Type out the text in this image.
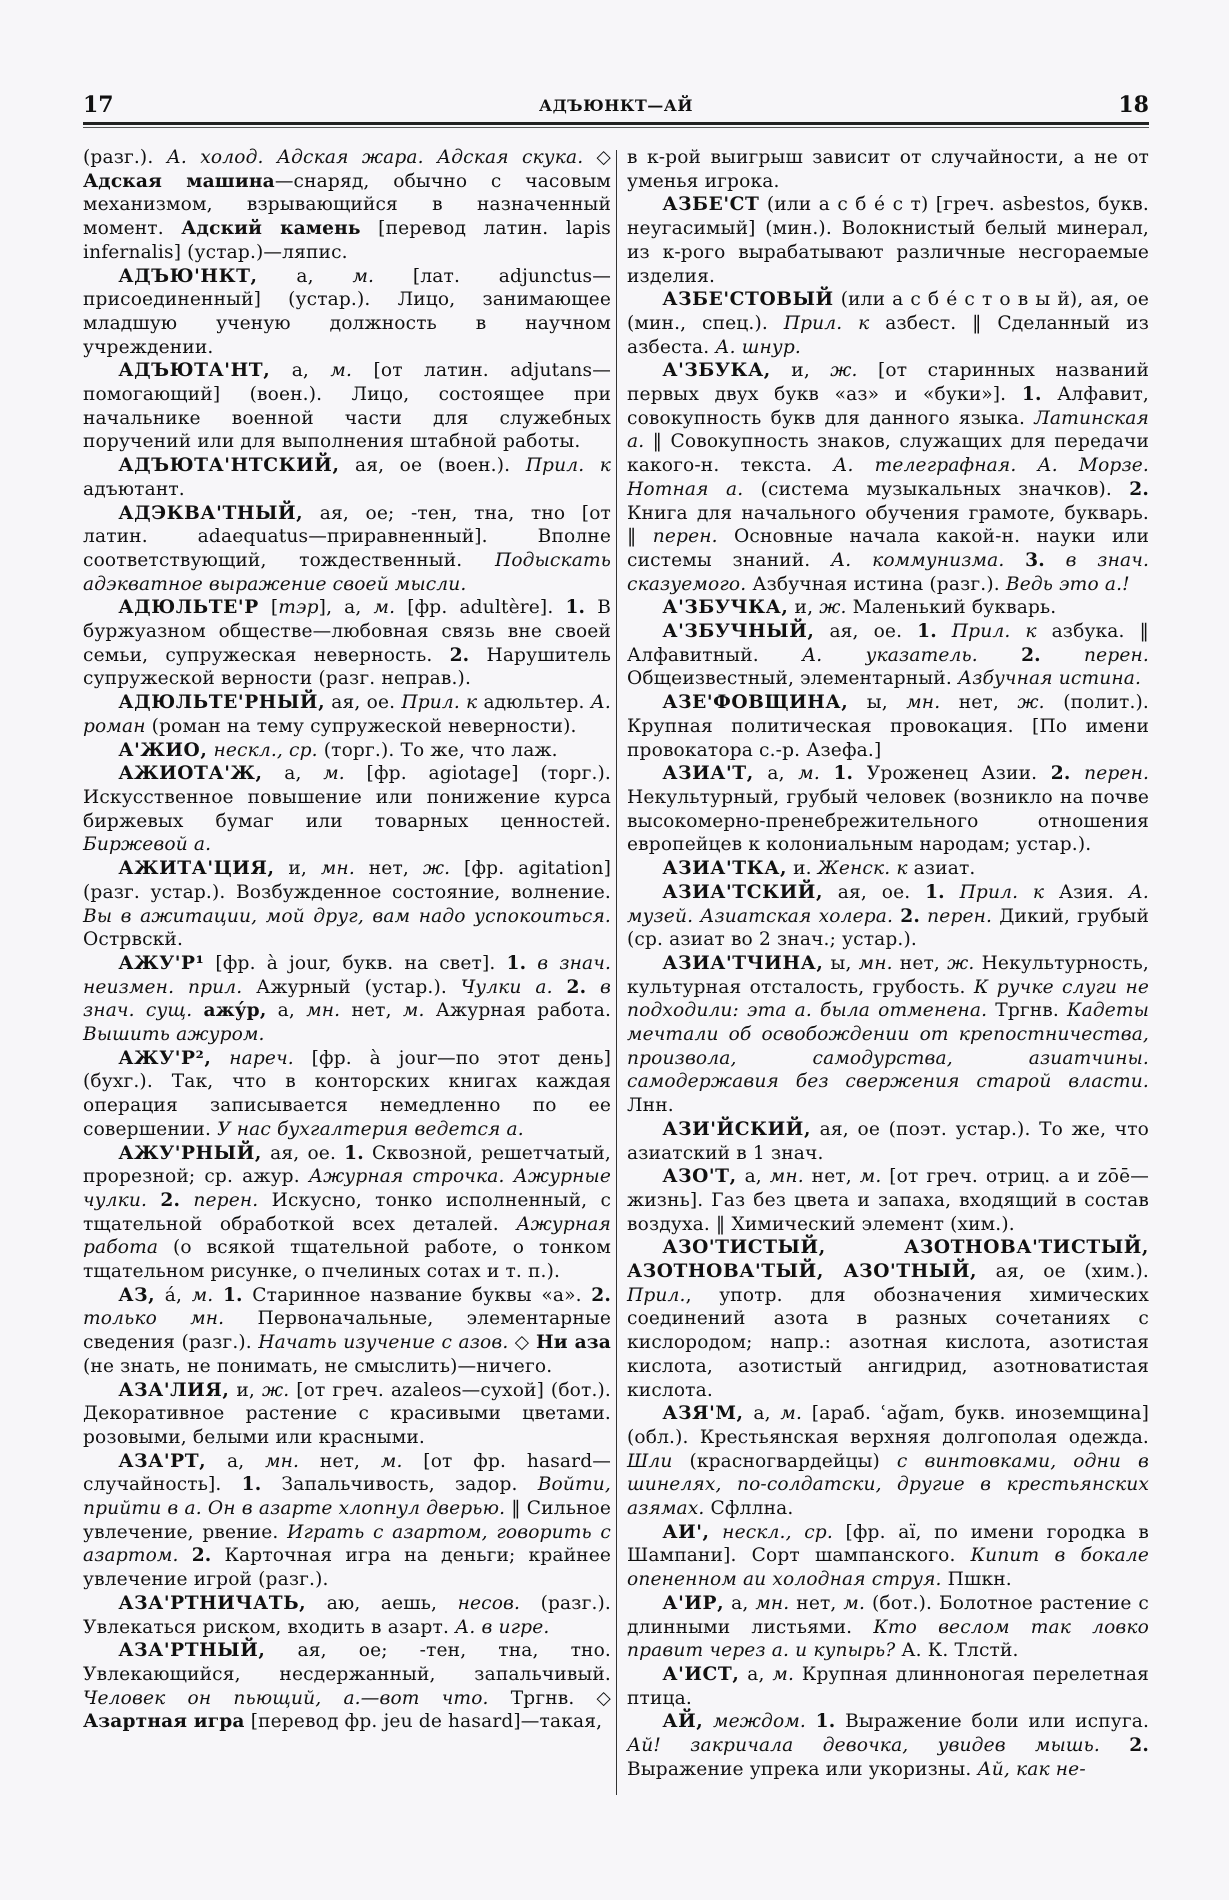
17	АДЪЮНКТ—АЙ	18

(разг.). А. холод. Адская жара. Адская скука. ◇ Адская машина—снаряд, обычно с часовым механизмом, взрывающийся в назначенный момент. Адский камень [перевод латин. lapis infernalis] (устар.)—ляпис.

АДЪЮ'НКТ, а, м. [лат. adjunctus—присоединенный] (устар.). Лицо, занимающее младшую ученую должность в научном учреждении.

АДЪЮТА'НТ, а, м. [от латин. adjutans—помогающий] (воен.). Лицо, состоящее при начальнике военной части для служебных поручений или для выполнения штабной работы.

АДЪЮТА'НТСКИЙ, ая, ое (воен.). Прил. к адъютант.

АДЭКВА'ТНЫЙ, ая, ое; -тен, тна, тно [от латин. adaequatus—приравненный]. Вполне соответствующий, тождественный. Подыскать адэкватное выражение своей мысли.

АДЮЛЬТЕ'Р [тэр], а, м. [фр. adultère]. 1. В буржуазном обществе—любовная связь вне своей семьи, супружеская неверность. 2. Нарушитель супружеской верности (разг. неправ.).

АДЮЛЬТЕ'РНЫЙ, ая, ое. Прил. к адюльтер. А. роман (роман на тему супружеской неверности).

А'ЖИО, нескл., ср. (торг.). То же, что лаж.

АЖИОТА'Ж, а, м. [фр. agiotage] (торг.). Искусственное повышение или понижение курса биржевых бумаг или товарных ценностей. Биржевой а.

АЖИТА'ЦИЯ, и, мн. нет, ж. [фр. agitation] (разг. устар.). Возбужденное состояние, волнение. Вы в ажитации, мой друг, вам надо успокоиться. Острвскй.

АЖУ'Р¹ [фр. à jour, букв. на свет]. 1. в знач. неизмен. прил. Ажурный (устар.). Чулки а. 2. в знач. сущ. ажу́р, а, мн. нет, м. Ажурная работа. Вышить ажуром.

АЖУ'Р², нареч. [фр. à jour—по этот день] (бухг.). Так, что в конторских книгах каждая операция записывается немедленно по ее совершении. У нас бухгалтерия ведется а.

АЖУ'РНЫЙ, ая, ое. 1. Сквозной, решетчатый, прорезной; ср. ажур. Ажурная строчка. Ажурные чулки. 2. перен. Искусно, тонко исполненный, с тщательной обработкой всех деталей. Ажурная работа (о всякой тщательной работе, о тонком тщательном рисунке, о пчелиных сотах и т. п.).

АЗ, а́, м. 1. Старинное название буквы «а». 2. только мн. Первоначальные, элементарные сведения (разг.). Начать изучение с азов. ◇ Ни аза (не знать, не понимать, не смыслить)—ничего.

АЗА'ЛИЯ, и, ж. [от греч. azaleos—сухой] (бот.). Декоративное растение с красивыми цветами. розовыми, белыми или красными.

АЗА'РТ, а, мн. нет, м. [от фр. hasard—случайность]. 1. Запальчивость, задор. Войти, прийти в а. Он в азарте хлопнул дверью. ‖ Сильное увлечение, рвение. Играть с азартом, говорить с азартом. 2. Карточная игра на деньги; крайнее увлечение игрой (разг.).

АЗА'РТНИЧАТЬ, аю, аешь, несов. (разг.). Увлекаться риском, входить в азарт. А. в игре.

АЗА'РТНЫЙ, ая, ое; -тен, тна, тно. Увлекающийся, несдержанный, запальчивый. Человек он пьющий, а.—вот что. Тргнв. ◇ Азартная игра [перевод фр. jeu de hasard]—такая,

в к-рой выигрыш зависит от случайности, а не от уменья игрока.

АЗБЕ'СТ (или а с б е́ с т) [греч. asbestos, букв. неугасимый] (мин.). Волокнистый белый минерал, из к-рого вырабатывают различные несгораемые изделия.

АЗБЕ'СТОВЫЙ (или а с б е́ с т о в ы й), ая, ое (мин., спец.). Прил. к азбест. ‖ Сделанный из азбеста. А. шнур.

А'ЗБУКА, и, ж. [от старинных названий первых двух букв «аз» и «буки»]. 1. Алфавит, совокупность букв для данного языка. Латинская а. ‖ Совокупность знаков, служащих для передачи какого-н. текста. А. телеграфная. А. Морзе. Нотная а. (система музыкальных значков). 2. Книга для начального обучения грамоте, букварь. ‖ перен. Основные начала какой-н. науки или системы знаний. А. коммунизма. 3. в знач. сказуемого. Азбучная истина (разг.). Ведь это а.!

А'ЗБУЧКА, и, ж. Маленький букварь.

А'ЗБУЧНЫЙ, ая, ое. 1. Прил. к азбука. ‖ Алфавитный. А. указатель. 2. перен. Общеизвестный, элементарный. Азбучная истина.

АЗЕ'ФОВЩИНА, ы, мн. нет, ж. (полит.). Крупная политическая провокация. [По имени провокатора с.-р. Азефа.]

АЗИА'Т, а, м. 1. Уроженец Азии. 2. перен. Некультурный, грубый человек (возникло на почве высокомерно-пренебрежительного отношения европейцев к колониальным народам; устар.).

АЗИА'ТКА, и. Женск. к азиат.

АЗИА'ТСКИЙ, ая, ое. 1. Прил. к Азия. А. музей. Азиатская холера. 2. перен. Дикий, грубый (ср. азиат во 2 знач.; устар.).

АЗИА'ТЧИНА, ы, мн. нет, ж. Некультурность, культурная отсталость, грубость. К ручке слуги не подходили: эта а. была отменена. Тргнв. Кадеты мечтали об освобождении от крепостничества, произвола, самодурства, азиатчины. самодержавия без свержения старой власти. Лнн.

АЗИ'ЙСКИЙ, ая, ое (поэт. устар.). То же, что азиатский в 1 знач.

АЗО'Т, а, мн. нет, м. [от греч. отриц. а и zōē—жизнь]. Газ без цвета и запаха, входящий в состав воздуха. ‖ Химический элемент (хим.).

АЗО'ТИСТЫЙ, АЗОТНОВА'ТИСТЫЙ, АЗОТНОВА'ТЫЙ, АЗО'ТНЫЙ, ая, ое (хим.). Прил., употр. для обозначения химических соединений азота в разных сочетаниях с кислородом; напр.: азотная кислота, азотистая кислота, азотистый ангидрид, азотноватистая кислота.

АЗЯ'М, а, м. [араб. ʿağam, букв. иноземщина] (обл.). Крестьянская верхняя долгополая одежда. Шли (красногвардейцы) с винтовками, одни в шинелях, по-солдатски, другие в крестьянских азямах. Сфллна.

АИ', нескл., ср. [фр. aï, по имени городка в Шампани]. Сорт шампанского. Кипит в бокале опененном аи холодная струя. Пшкн.

А'ИР, а, мн. нет, м. (бот.). Болотное растение с длинными листьями. Кто веслом так ловко правит через а. и купырь? А. К. Тлстй.

А'ИСТ, а, м. Крупная длинноногая перелетная птица.

АЙ, междом. 1. Выражение боли или испуга. Ай! закричала девочка, увидев мышь. 2. Выражение упрека или укоризны. Ай, как не-
